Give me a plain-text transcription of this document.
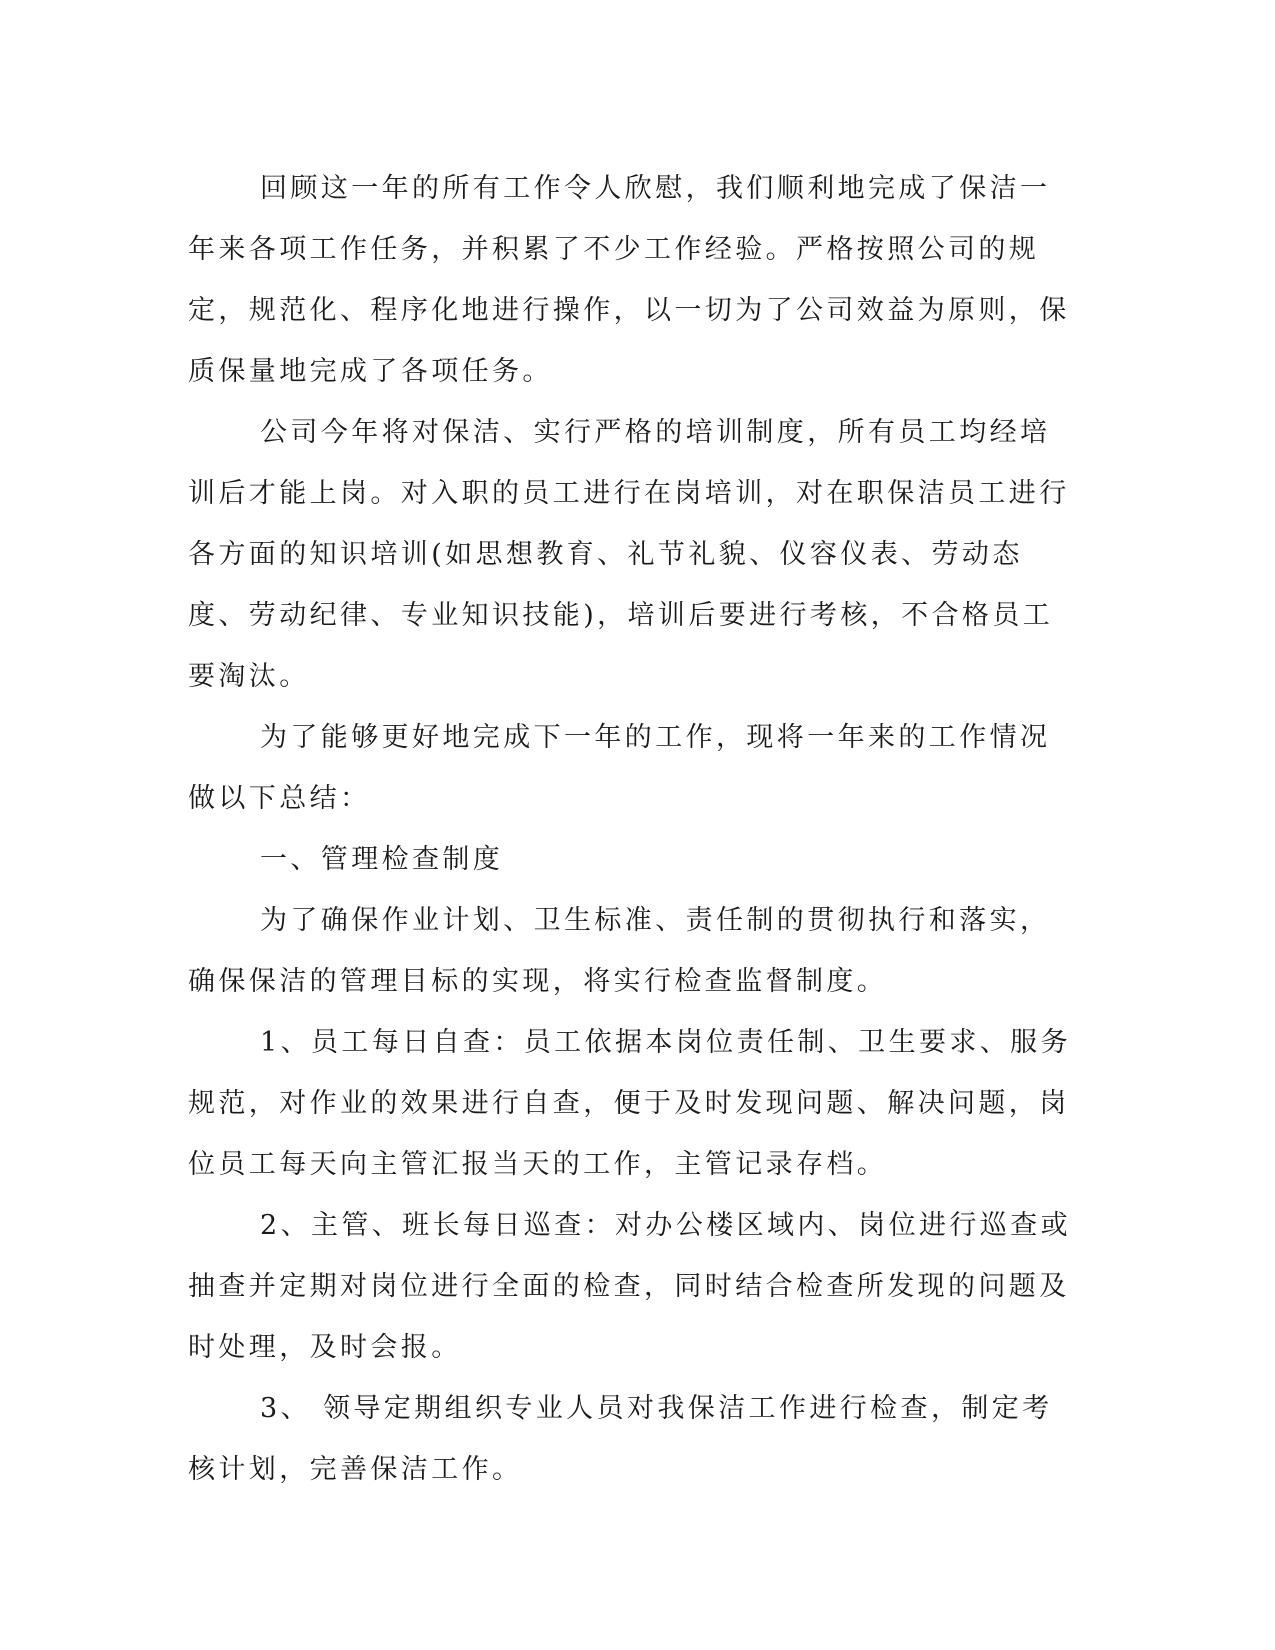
回顾这一年的所有工作令人欣慰，我们顺利地完成了保洁一年来各项工作任务，并积累了不少工作经验。严格按照公司的规定，规范化、程序化地进行操作，以一切为了公司效益为原则，保质保量地完成了各项任务。

公司今年将对保洁、实行严格的培训制度，所有员工均经培训后才能上岗。对入职的员工进行在岗培训，对在职保洁员工进行各方面的知识培训(如思想教育、礼节礼貌、仪容仪表、劳动态度、劳动纪律、专业知识技能)，培训后要进行考核，不合格员工要淘汰。

为了能够更好地完成下一年的工作，现将一年来的工作情况做以下总结：

一、管理检查制度

为了确保作业计划、卫生标准、责任制的贯彻执行和落实，确保保洁的管理目标的实现，将实行检查监督制度。

1、员工每日自查：员工依据本岗位责任制、卫生要求、服务规范，对作业的效果进行自查，便于及时发现问题、解决问题，岗位员工每天向主管汇报当天的工作，主管记录存档。

2、主管、班长每日巡查：对办公楼区域内、岗位进行巡查或抽查并定期对岗位进行全面的检查，同时结合检查所发现的问题及时处理，及时会报。

3、 领导定期组织专业人员对我保洁工作进行检查，制定考核计划，完善保洁工作。
